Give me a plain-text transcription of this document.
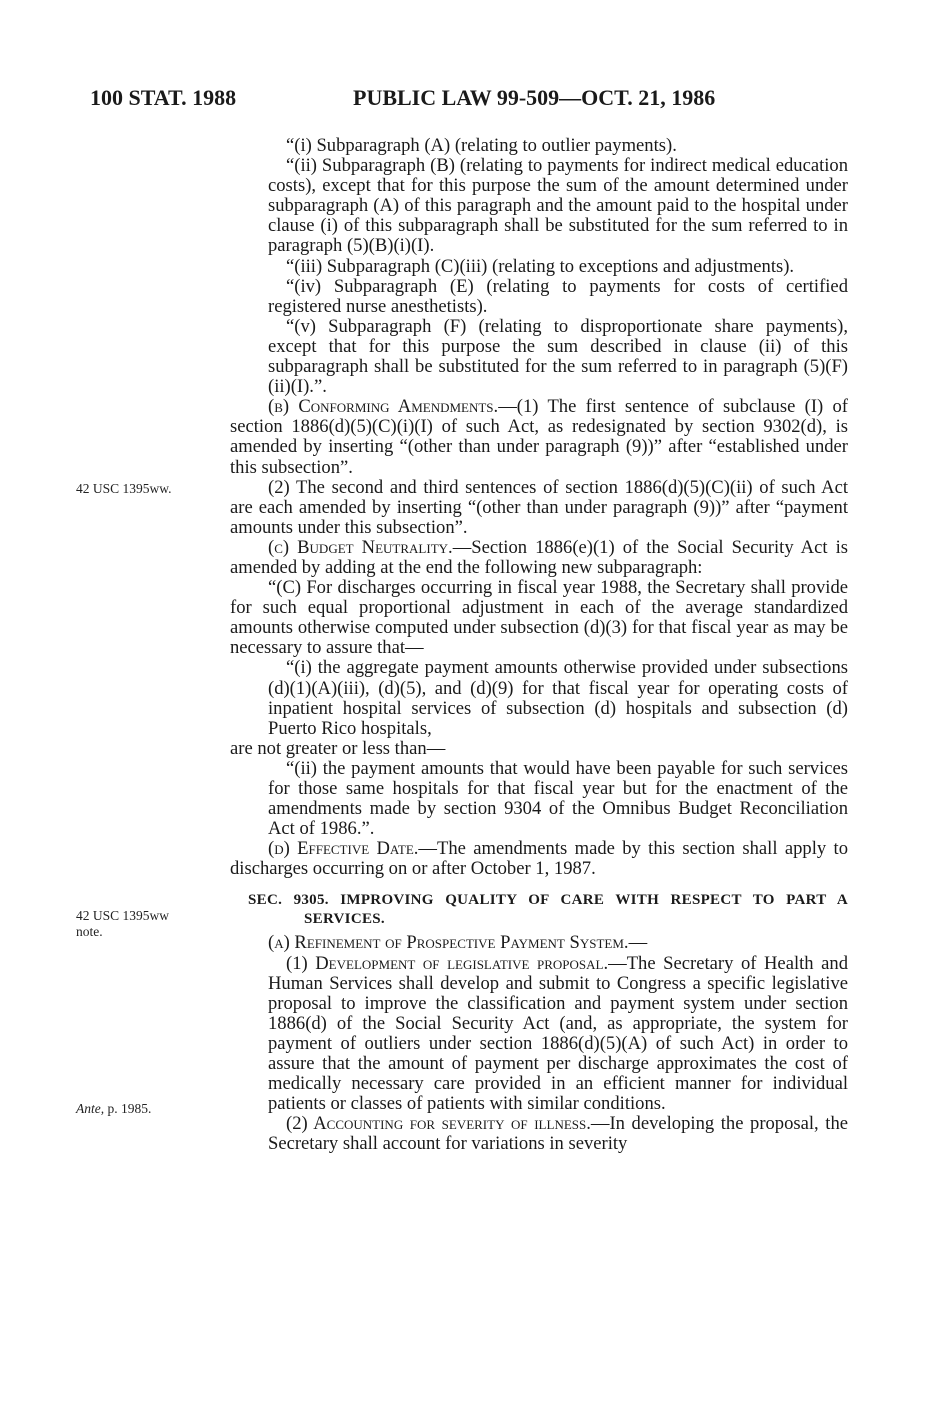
100 STAT. 1988	PUBLIC LAW 99-509—OCT. 21, 1986
42 USC 1395ww.
42 USC 1395ww
note.
Ante, p. 1985.

“(i) Subparagraph (A) (relating to outlier payments).

“(ii) Subparagraph (B) (relating to payments for indirect medical education costs), except that for this purpose the sum of the amount determined under subparagraph (A) of this paragraph and the amount paid to the hospital under clause (i) of this subparagraph shall be substituted for the sum referred to in paragraph (5)(B)(i)(I).

“(iii) Subparagraph (C)(iii) (relating to exceptions and adjustments).

“(iv) Subparagraph (E) (relating to payments for costs of certified registered nurse anesthetists).

“(v) Subparagraph (F) (relating to disproportionate share payments), except that for this purpose the sum described in clause (ii) of this subparagraph shall be substituted for the sum referred to in paragraph (5)(F)(ii)(I).”.

(b) Conforming Amendments.—(1) The first sentence of subclause (I) of section 1886(d)(5)(C)(i)(I) of such Act, as redesignated by section 9302(d), is amended by inserting “(other than under paragraph (9))” after “established under this subsection”.

(2) The second and third sentences of section 1886(d)(5)(C)(ii) of such Act are each amended by inserting “(other than under paragraph (9))” after “payment amounts under this subsection”.

(c) Budget Neutrality.—Section 1886(e)(1) of the Social Security Act is amended by adding at the end the following new subparagraph:

“(C) For discharges occurring in fiscal year 1988, the Secretary shall provide for such equal proportional adjustment in each of the average standardized amounts otherwise computed under subsection (d)(3) for that fiscal year as may be necessary to assure that—

“(i) the aggregate payment amounts otherwise provided under subsections (d)(1)(A)(iii), (d)(5), and (d)(9) for that fiscal year for operating costs of inpatient hospital services of subsection (d) hospitals and subsection (d) Puerto Rico hospitals,

are not greater or less than—

“(ii) the payment amounts that would have been payable for such services for those same hospitals for that fiscal year but for the enactment of the amendments made by section 9304 of the Omnibus Budget Reconciliation Act of 1986.”.

(d) Effective Date.—The amendments made by this section shall apply to discharges occurring on or after October 1, 1987.

SEC. 9305. IMPROVING QUALITY OF CARE WITH RESPECT TO PART A SERVICES.

(a) Refinement of Prospective Payment System.—

(1) Development of legislative proposal.—The Secretary of Health and Human Services shall develop and submit to Congress a specific legislative proposal to improve the classification and payment system under section 1886(d) of the Social Security Act (and, as appropriate, the system for payment of outliers under section 1886(d)(5)(A) of such Act) in order to assure that the amount of payment per discharge approximates the cost of medically necessary care provided in an efficient manner for individual patients or classes of patients with similar conditions.

(2) Accounting for severity of illness.—In developing the proposal, the Secretary shall account for variations in severity
